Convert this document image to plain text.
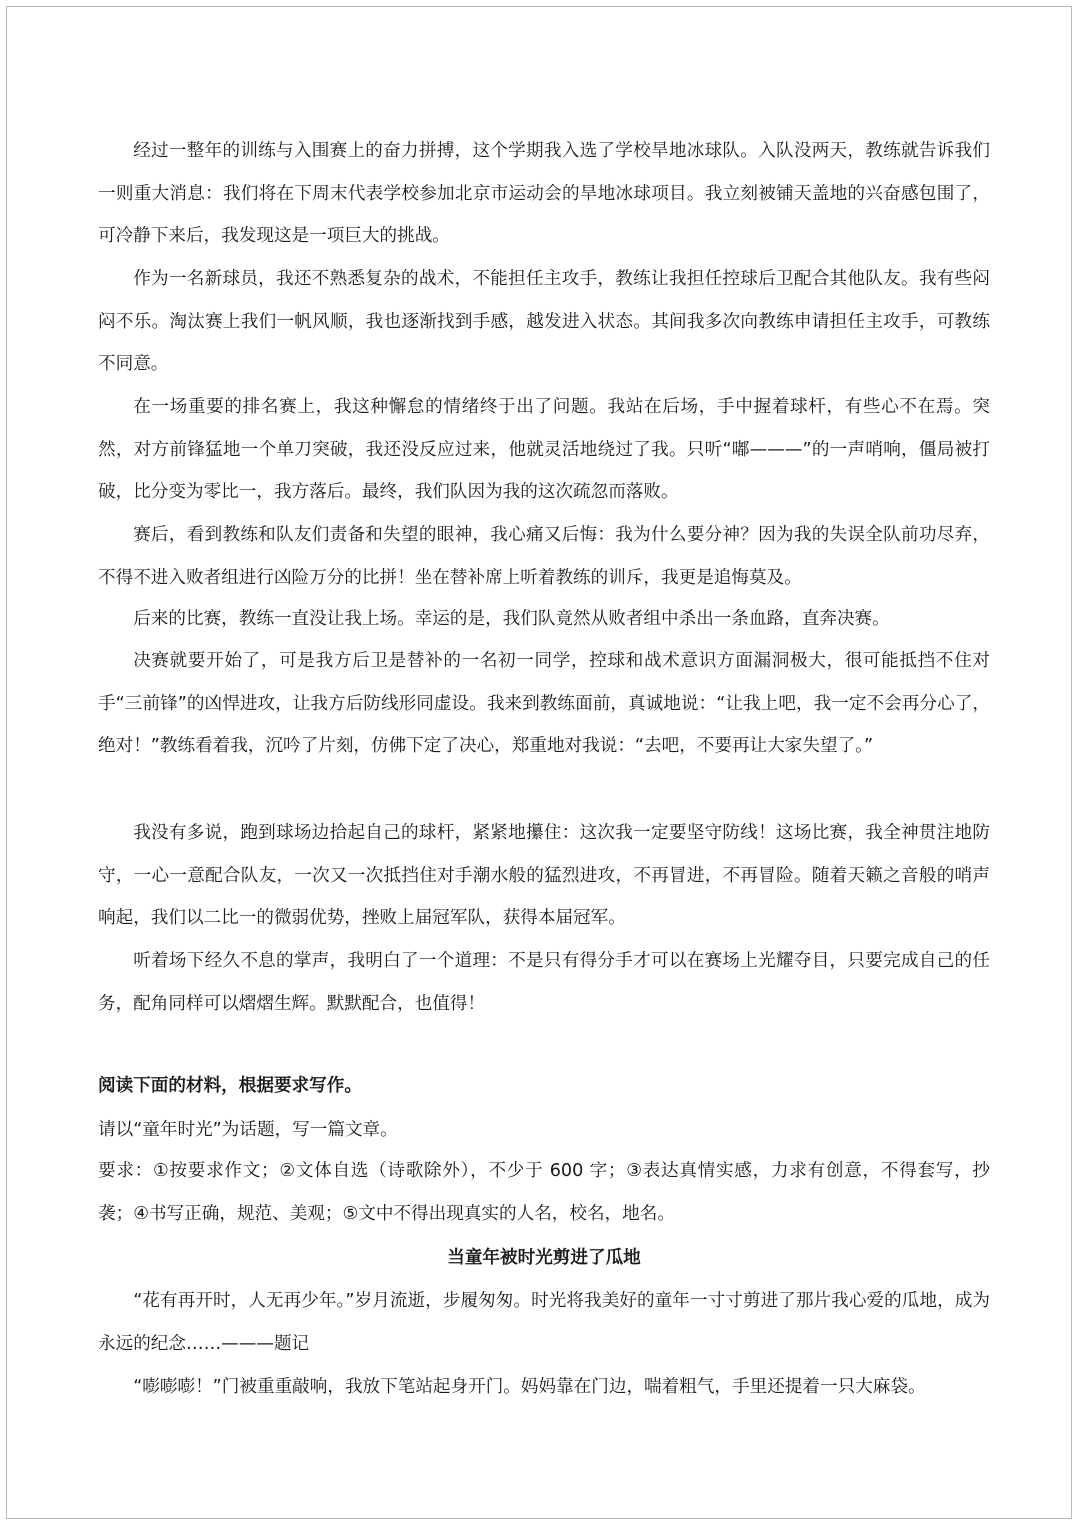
经过一整年的训练与入围赛上的奋力拼搏，这个学期我入选了学校旱地冰球队。入队没两天，教练就告诉我们一则重大消息：我们将在下周末代表学校参加北京市运动会的旱地冰球项目。我立刻被铺天盖地的兴奋感包围了，可冷静下来后，我发现这是一项巨大的挑战。

作为一名新球员，我还不熟悉复杂的战术，不能担任主攻手，教练让我担任控球后卫配合其他队友。我有些闷闷不乐。淘汰赛上我们一帆风顺，我也逐渐找到手感，越发进入状态。其间我多次向教练申请担任主攻手，可教练不同意。

在一场重要的排名赛上，我这种懈怠的情绪终于出了问题。我站在后场，手中握着球杆，有些心不在焉。突然，对方前锋猛地一个单刀突破，我还没反应过来，他就灵活地绕过了我。只听“嘟———”的一声哨响，僵局被打破，比分变为零比一，我方落后。最终，我们队因为我的这次疏忽而落败。

赛后，看到教练和队友们责备和失望的眼神，我心痛又后悔：我为什么要分神？因为我的失误全队前功尽弃，不得不进入败者组进行凶险万分的比拼！坐在替补席上听着教练的训斥，我更是追悔莫及。

后来的比赛，教练一直没让我上场。幸运的是，我们队竟然从败者组中杀出一条血路，直奔决赛。

决赛就要开始了，可是我方后卫是替补的一名初一同学，控球和战术意识方面漏洞极大，很可能抵挡不住对手“三前锋”的凶悍进攻，让我方后防线形同虚设。我来到教练面前，真诚地说：“让我上吧，我一定不会再分心了，绝对！”教练看着我，沉吟了片刻，仿佛下定了决心，郑重地对我说：“去吧，不要再让大家失望了。”

我没有多说，跑到球场边拾起自己的球杆，紧紧地攥住：这次我一定要坚守防线！这场比赛，我全神贯注地防守，一心一意配合队友，一次又一次抵挡住对手潮水般的猛烈进攻，不再冒进，不再冒险。随着天籁之音般的哨声响起，我们以二比一的微弱优势，挫败上届冠军队，获得本届冠军。

听着场下经久不息的掌声，我明白了一个道理：不是只有得分手才可以在赛场上光耀夺目，只要完成自己的任务，配角同样可以熠熠生辉。默默配合，也值得！

阅读下面的材料，根据要求写作。

请以“童年时光”为话题，写一篇文章。

要求：①按要求作文；②文体自选（诗歌除外），不少于 600 字；③表达真情实感，力求有创意，不得套写，抄袭；④书写正确，规范、美观；⑤文中不得出现真实的人名，校名，地名。

当童年被时光剪进了瓜地

“花有再开时，人无再少年。”岁月流逝，步履匆匆。时光将我美好的童年一寸寸剪进了那片我心爱的瓜地，成为永远的纪念……———题记

“嘭嘭嘭！”门被重重敲响，我放下笔站起身开门。妈妈靠在门边，喘着粗气，手里还提着一只大麻袋。
